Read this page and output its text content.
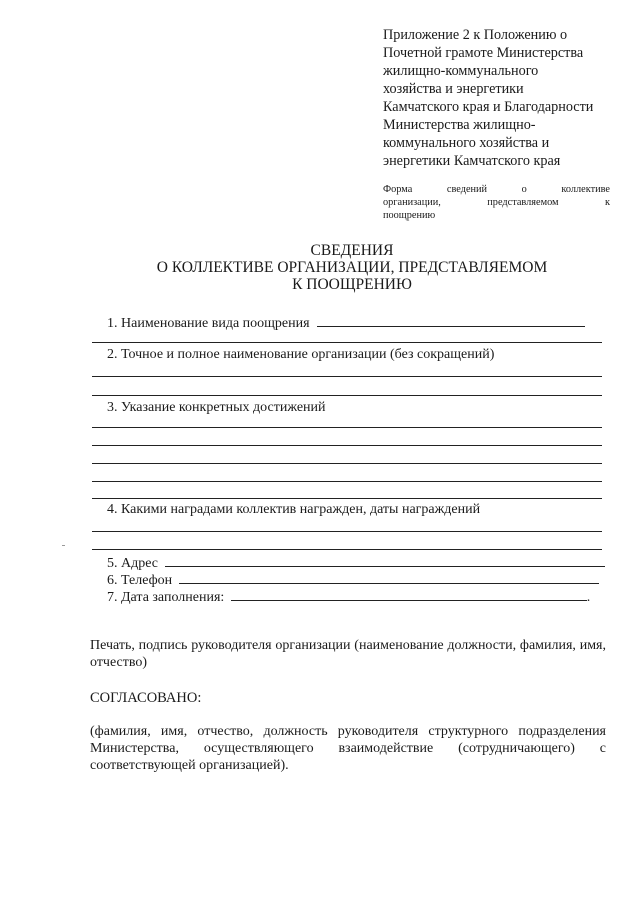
Приложение 2 к Положению о
Почетной грамоте Министерства
жилищно-коммунального
хозяйства и энергетики
Камчатского края и Благодарности
Министерства жилищно-
коммунального хозяйства и
энергетики Камчатского края
Форма сведений о коллективе
организации, представляемом к
поощрению
СВЕДЕНИЯ
О КОЛЛЕКТИВЕ ОРГАНИЗАЦИИ, ПРЕДСТАВЛЯЕМОМ
К ПООЩРЕНИЮ
1. Наименование вида поощрения
2. Точное и полное наименование организации (без сокращений)
3. Указание конкретных достижений
4. Какими наградами коллектив награжден, даты награждений
5. Адрес
6. Телефон
7. Дата заполнения:	.
Печать, подпись руководителя организации (наименование должности, фамилия, имя, отчество)
СОГЛАСОВАНО:
(фамилия, имя, отчество, должность руководителя структурного подразделения Министерства, осуществляющего взаимодействие (сотрудничающего) с соответствующей организацией).
